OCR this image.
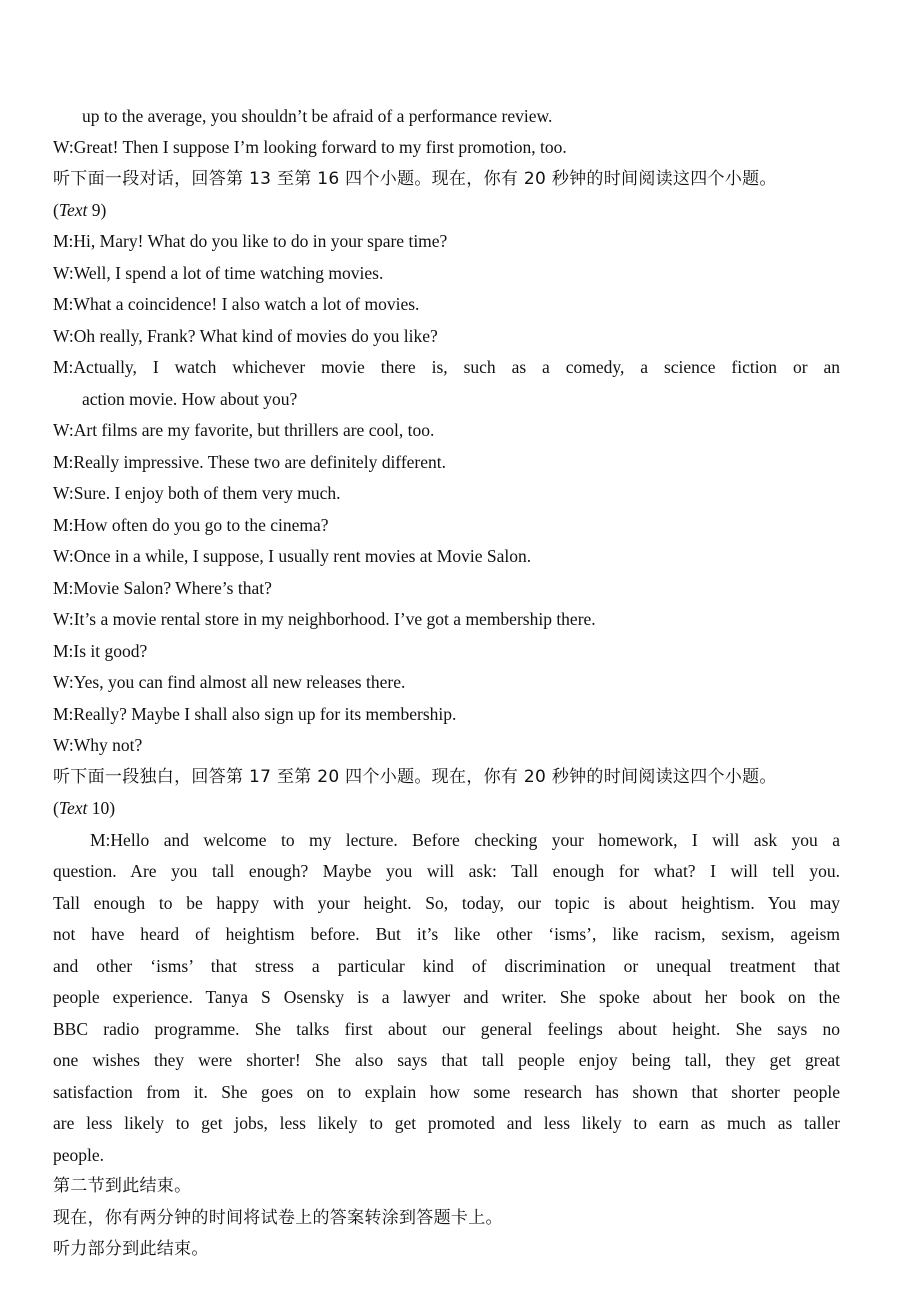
up to the average, you shouldn’t be afraid of a performance review.
W:Great! Then I suppose I’m looking forward to my first promotion, too.
听下面一段对话，回答第 13 至第 16 四个小题。现在，你有 20 秒钟的时间阅读这四个小题。
(Text 9)
M:Hi, Mary! What do you like to do in your spare time?
W:Well, I spend a lot of time watching movies.
M:What a coincidence! I also watch a lot of movies.
W:Oh really, Frank? What kind of movies do you like?
M:Actually, I watch whichever movie there is, such as a comedy, a science fiction or an
action movie. How about you?
W:Art films are my favorite, but thrillers are cool, too.
M:Really impressive. These two are definitely different.
W:Sure. I enjoy both of them very much.
M:How often do you go to the cinema?
W:Once in a while, I suppose, I usually rent movies at Movie Salon.
M:Movie Salon? Where’s that?
W:It’s a movie rental store in my neighborhood. I’ve got a membership there.
M:Is it good?
W:Yes, you can find almost all new releases there.
M:Really? Maybe I shall also sign up for its membership.
W:Why not?
听下面一段独白，回答第 17 至第 20 四个小题。现在，你有 20 秒钟的时间阅读这四个小题。
(Text 10)
M:Hello and welcome to my lecture. Before checking your homework, I will ask you a
question. Are you tall enough? Maybe you will ask: Tall enough for what? I will tell you.
Tall enough to be happy with your height. So, today, our topic is about heightism. You may
not have heard of heightism before. But it’s like other ‘isms’, like racism, sexism, ageism
and other ‘isms’ that stress a particular kind of discrimination or unequal treatment that
people experience. Tanya S Osensky is a lawyer and writer. She spoke about her book on the
BBC radio programme. She talks first about our general feelings about height. She says no
one wishes they were shorter! She also says that tall people enjoy being tall, they get great
satisfaction from it. She goes on to explain how some research has shown that shorter people
are less likely to get jobs, less likely to get promoted and less likely to earn as much as taller
people.
第二节到此结束。
现在，你有两分钟的时间将试卷上的答案转涂到答题卡上。
听力部分到此结束。
